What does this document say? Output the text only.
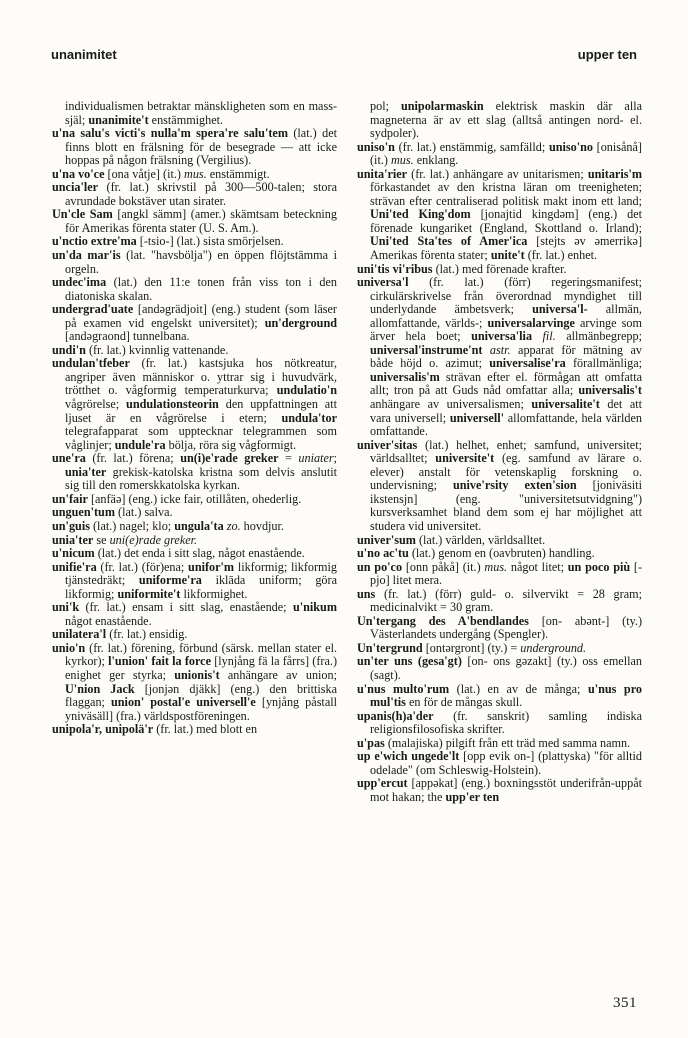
unanimitet	upper ten

individualismen betraktar mänskligheten som en mass-själ; unanimite't enstämmighet.

u'na salu's victi's nulla'm spera're salu'tem (lat.) det finns blott en frälsning för de besegrade — att icke hoppas på någon frälsning (Vergilius).

u'na vo'ce [ona våtje] (it.) mus. enstämmigt.

uncia'ler (fr. lat.) skrivstil på 300—500-talen; stora avrundade bokstäver utan sirater.

Un'cle Sam [angkl sämm] (amer.) skämtsam beteckning för Amerikas förenta stater (U. S. Am.).

u'nctio extre'ma [-tsio-] (lat.) sista smörjelsen.

un'da mar'is (lat. "havsbölja") en öppen flöjtstämma i orgeln.

undec'ima (lat.) den 11:e tonen från viss ton i den diatoniska skalan.

undergrad'uate [andəgrädjoit] (eng.) student (som läser på examen vid engelskt universitet); un'derground [andəgraond] tunnelbana.

undi'n (fr. lat.) kvinnlig vattenande.

undulan'tfeber (fr. lat.) kastsjuka hos nötkreatur, angriper även människor o. yttrar sig i huvudvärk, trötthet o. vågformig temperaturkurva; undulatio'n vågrörelse; undulationsteorin den uppfattningen att ljuset är en vågrörelse i etern; undula'tor telegrafapparat som upptecknar telegrammen som våglinjer; undule'ra bölja, röra sig vågformigt.

une'ra (fr. lat.) förena; un(i)e'rade greker = uniater; unia'ter grekisk-katolska kristna som delvis anslutit sig till den romerskkatolska kyrkan.

un'fair [anfäə] (eng.) icke fair, otillåten, ohederlig.

unguen'tum (lat.) salva.

un'guis (lat.) nagel; klo; ungula'ta zo. hovdjur.

unia'ter se uni(e)rade greker.

u'nicum (lat.) det enda i sitt slag, något enastående.

unifie'ra (fr. lat.) (för)ena; unifor'm likformig; likformig tjänstedräkt; uniforme'ra iklāda uniform; göra likformig; uniformite't likformighet.

uni'k (fr. lat.) ensam i sitt slag, enastående; u'nikum något enastående.

unilatera'l (fr. lat.) ensidig.

unio'n (fr. lat.) förening, förbund (särsk. mellan stater el. kyrkor); l'union' fait la force [lynjång fä la fårrs] (fra.) enighet ger styrka; unionis't anhängare av union; U'nion Jack [jonjən djäkk] (eng.) den brittiska flaggan; union' postal'e universell'e [ynjång påstall yniväsäll] (fra.) världspostföreningen.

unipola'r, unipolä'r (fr. lat.) med blott en

pol; unipolarmaskin elektrisk maskin där alla magneterna är av ett slag (alltså antingen nord- el. sydpoler).

uniso'n (fr. lat.) enstämmig, samfälld; uniso'no [onisånå] (it.) mus. enklang.

unita'rier (fr. lat.) anhängare av unitarismen; unitaris'm förkastandet av den kristna läran om treenigheten; strävan efter centraliserad politisk makt inom ett land; Uni'ted King'dom [jonajtid kingdəm] (eng.) det förenade kungariket (England, Skottland o. Irland); Uni'ted Sta'tes of Amer'ica [stejts əv əmerrikə] Amerikas förenta stater; unite't (fr. lat.) enhet.

uni'tis vi'ribus (lat.) med förenade krafter.

universa'l (fr. lat.) (förr) regeringsmanifest; cirkulärskrivelse från överordnad myndighet till underlydande ämbetsverk; universa'l- allmän, allomfattande, världs-; universalarvinge arvinge som ärver hela boet; universa'lia fil. allmänbegrepp; universal'instrume'nt astr. apparat för mätning av både höjd o. azimut; universalise'ra förallmänliga; universalis'm strävan efter el. förmågan att omfatta allt; tron på att Guds nåd omfattar alla; universalis't anhängare av universalismen; universalite't det att vara universell; universell' allomfattande, hela världen omfattande.

univer'sitas (lat.) helhet, enhet; samfund, universitet; världsalltet; universite't (eg. samfund av lärare o. elever) anstalt för vetenskaplig forskning o. undervisning; unive'rsity exten'sion [joniväsiti ikstensjn] (eng. "universitetsutvidgning") kursverksamhet bland dem som ej har möjlighet att studera vid universitet.

univer'sum (lat.) världen, världsalltet.

u'no ac'tu (lat.) genom en (oavbruten) handling.

un po'co [onn påkå] (it.) mus. något litet; un poco più [-pjo] litet mera.

uns (fr. lat.) (förr) guld- o. silvervikt = 28 gram; medicinalvikt = 30 gram.

Un'tergang des A'bendlandes [on- abənt-] (ty.) Västerlandets undergång (Spengler).

Un'tergrund [ontərgront] (ty.) = underground.

un'ter uns (gesa'gt) [on- ons gəzakt] (ty.) oss emellan (sagt).

u'nus multo'rum (lat.) en av de många; u'nus pro mul'tis en för de mångas skull.

upanis(h)a'der (fr. sanskrit) samling indiska religionsfilosofiska skrifter.

u'pas (malajiska) pilgift från ett träd med samma namn.

up e'wich ungede'lt [opp evik on-] (plattyska) "för alltid odelade" (om Schleswig-Holstein).

upp'ercut [appəkat] (eng.) boxningsstöt underifrån-uppåt mot hakan; the upp'er ten

351
